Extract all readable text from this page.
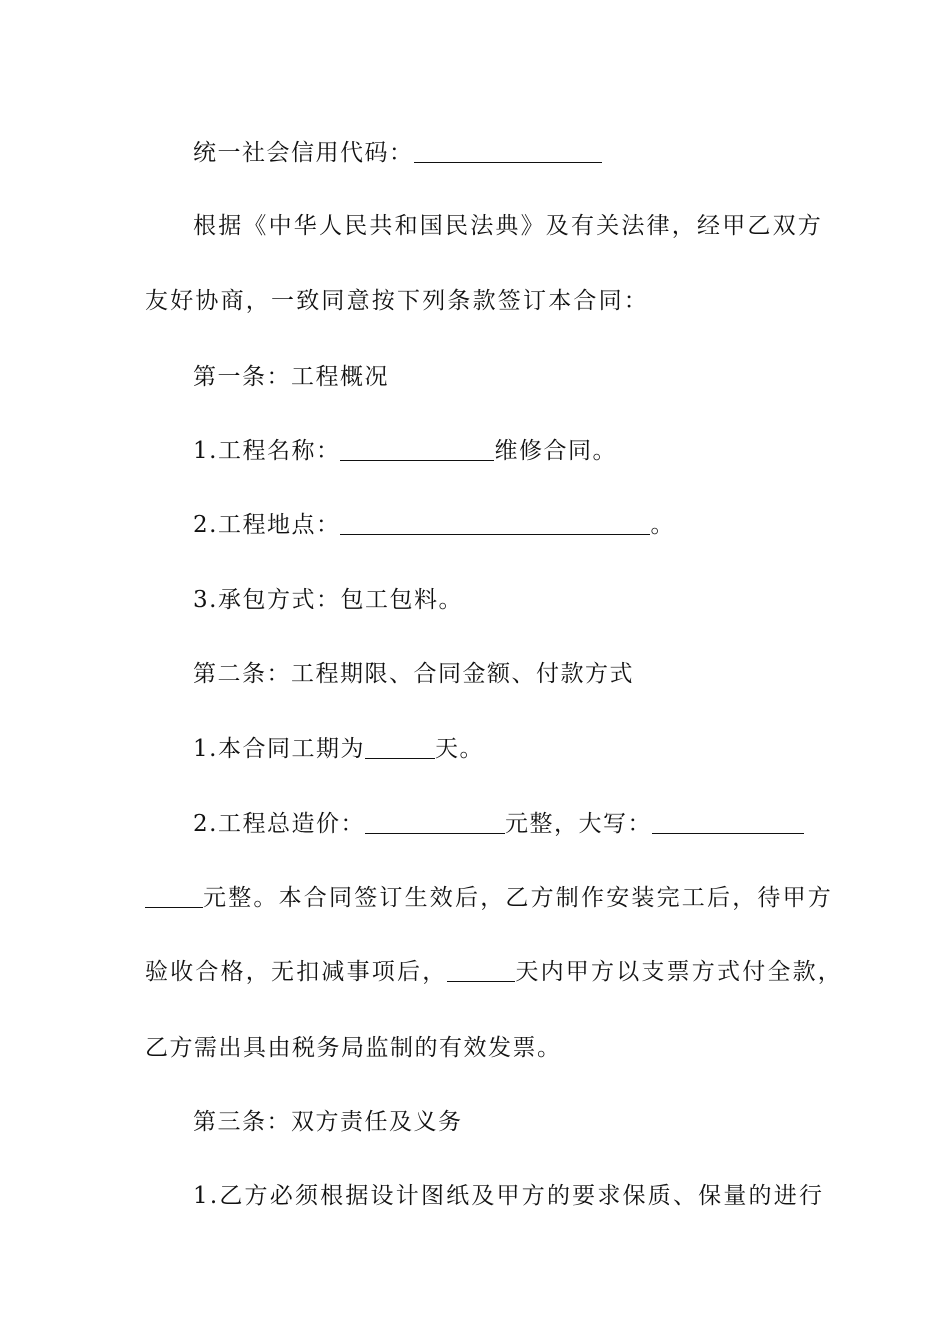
统一社会信用代码：
根据《中华人民共和国民法典》及有关法律，经甲乙双方
友好协商，一致同意按下列条款签订本合同：
第一条：工程概况
1.工程名称：	维修合同。
2.工程地点：	。
3.承包方式：包工包料。
第二条：工程期限、合同金额、付款方式
1.本合同工期为	天。
2.工程总造价：	元整，大写：
元整。本合同签订生效后，乙方制作安装完工后，待甲方
验收合格，无扣减事项后，	天内甲方以支票方式付全款，
乙方需出具由税务局监制的有效发票。
第三条：双方责任及义务
1.乙方必须根据设计图纸及甲方的要求保质、保量的进行
